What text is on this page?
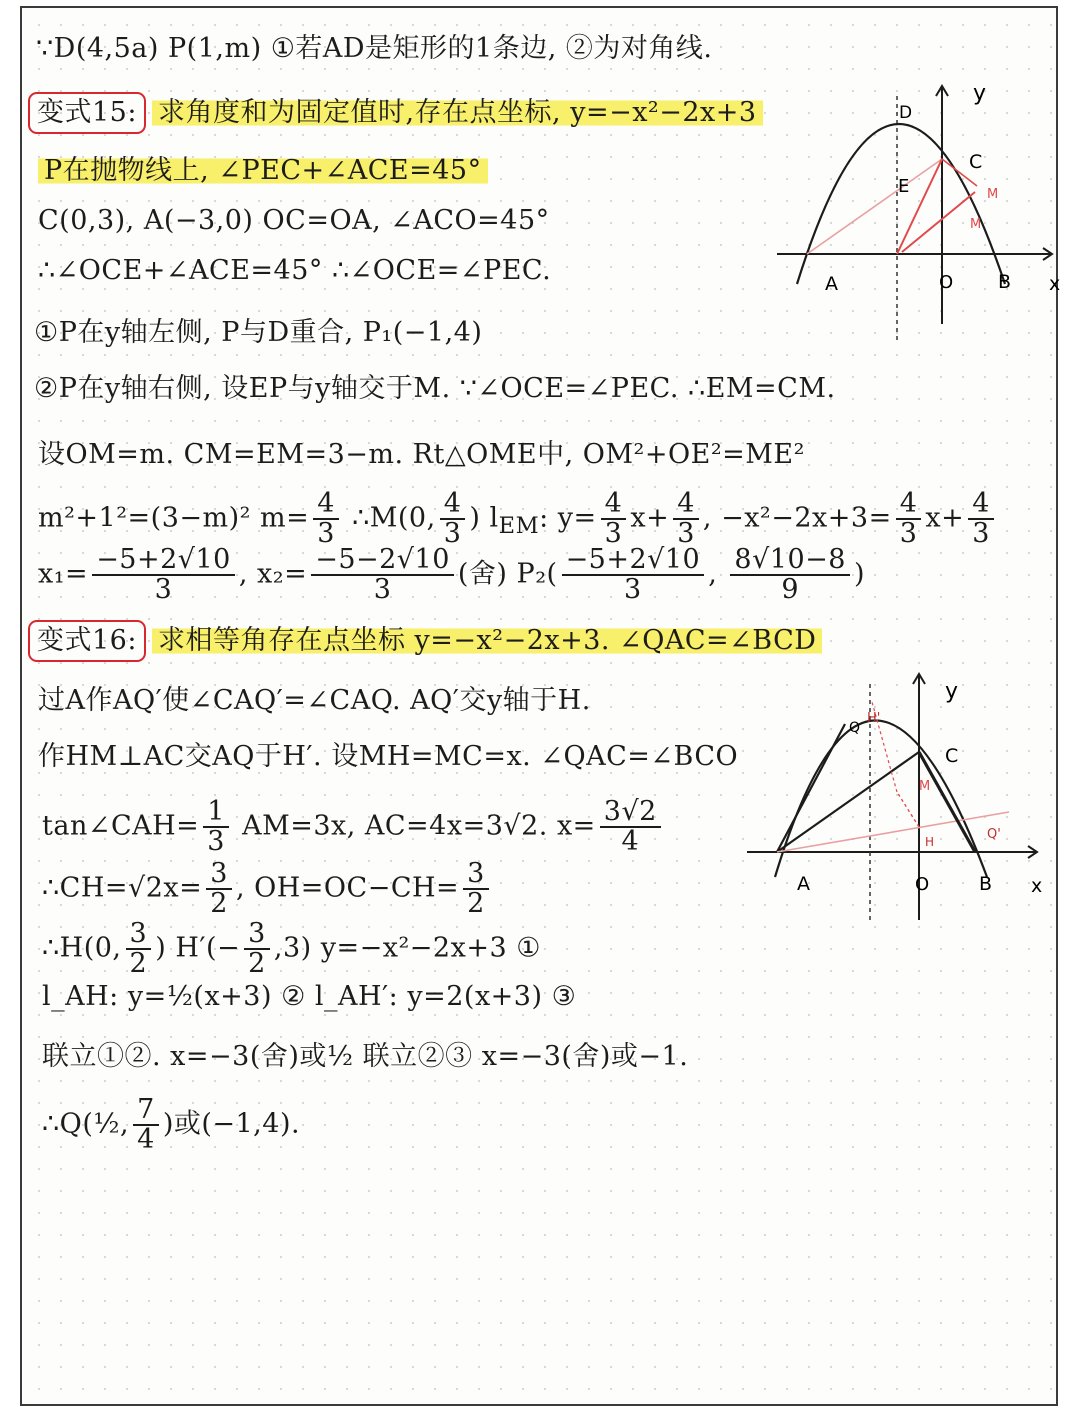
∵D(4,5a) P(1,m) ①若AD是矩形的1条边, ②为对角线.
变式15: 求角度和为固定值时,存在点坐标, y=−x²−2x+3
P在抛物线上, ∠PEC+∠ACE=45°
C(0,3), A(−3,0) OC=OA, ∠ACO=45°
∴∠OCE+∠ACE=45° ∴∠OCE=∠PEC.
①P在y轴左侧, P与D重合, P₁(−1,4)
②P在y轴右侧, 设EP与y轴交于M. ∵∠OCE=∠PEC. ∴EM=CM.
设OM=m. CM=EM=3−m. Rt△OME中, OM²+OE²=ME²
m²+1²=(3−m)² $m= \frac{4}{3}$ ∴M(0, $\frac{4}{3}$ ) $l_{EM}$: $y= \frac{4}{3} x+ \frac{4}{3}$ , $-x^2-2x+3= \frac{4}{3} x+ \frac{4}{3}$
$x_1= \frac{-5+2√10}{3}$ , $x_2= \frac{-5-2√10}{3}$ (舍) $P_2( \frac{-5+2√10}{3}$ , $\frac{8√10-8}{9}$ )
变式16: 求相等角存在点坐标 y=−x²−2x+3. ∠QAC=∠BCD
过A作AQ′使∠CAQ′=∠CAQ. AQ′交y轴于H.
作HM⊥AC交AQ于H′. 设MH=MC=x. ∠QAC=∠BCO
tan∠CAH= $\frac{1}{3} AM=3x$, AC=4x=3√2. $x= \frac{3√2}{4}$
∴CH=√2x= $\frac{3}{2}$ , $OH=OC-CH= \frac{3}{2}$
∴H(0, $\frac{3}{2}$ ) $H'(- \frac{3}{2} ,3)$ y=−x²−2x+3 ①
l_AH: y=½(x+3) ② l_AH′: y=2(x+3) ③
联立①②. x=−3(舍)或½ 联立②③ x=−3(舍)或−1.
∴Q(½, $\frac{7}{4}$ )或(−1,4).
D
y
C
E	M
M
A	O B x
y
Q
H'
C
M
H	Q'
A	O	B x
